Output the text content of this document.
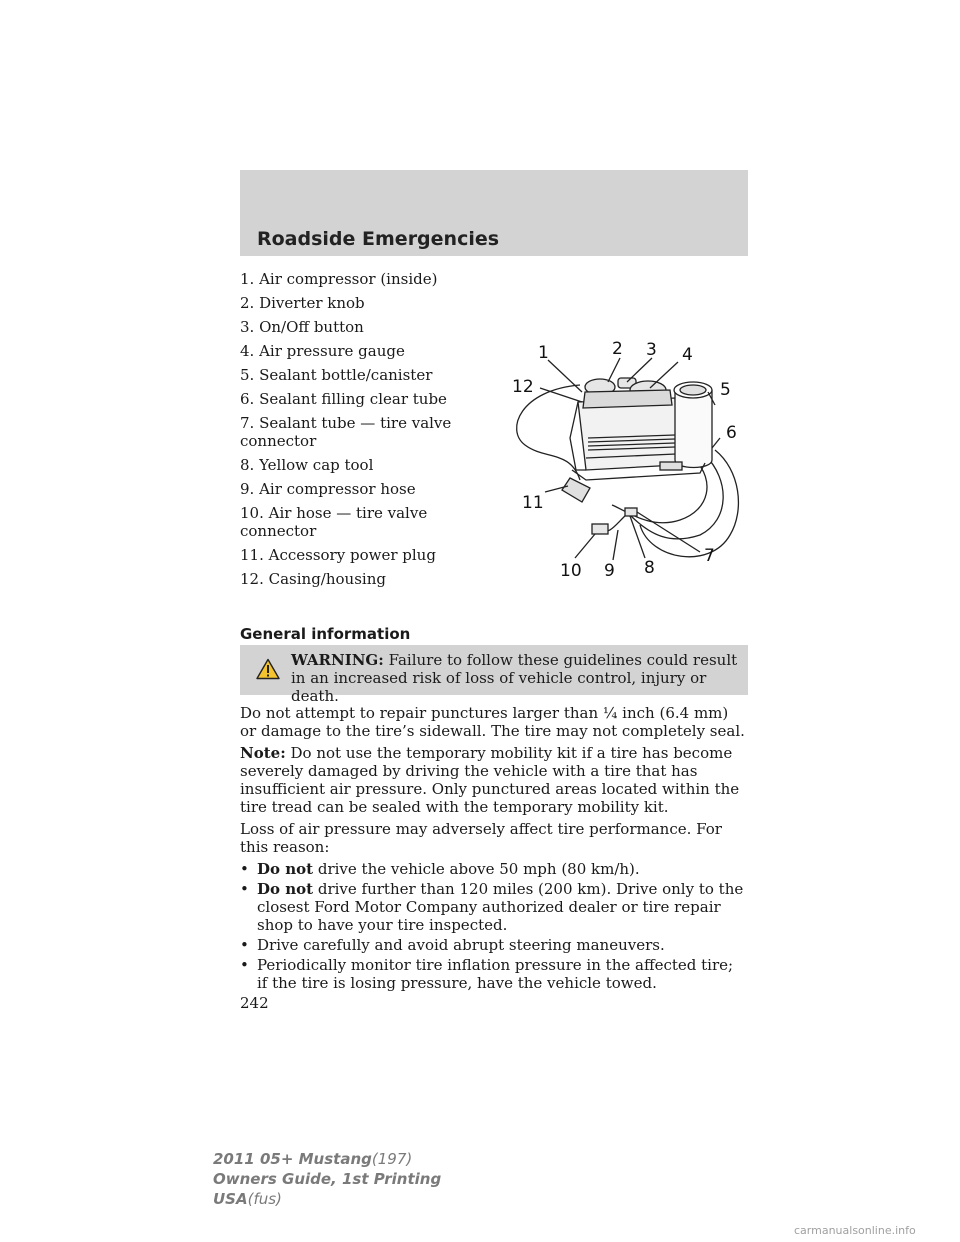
Roadside Emergencies
1. Air compressor (inside)
2. Diverter knob
3. On/Off button
4. Air pressure gauge
5. Sealant bottle/canister
6. Sealant filling clear tube
7. Sealant tube — tire valve connector
8. Yellow cap tool
9. Air compressor hose
10. Air hose — tire valve connector
11. Accessory power plug
12. Casing/housing
1	2 3 4
5
6
7
8
9
10
11
12
General information
WARNING: Failure to follow these guidelines could result in an increased risk of loss of vehicle control, injury or death.

Do not attempt to repair punctures larger than ¼ inch (6.4 mm) or damage to the tire’s sidewall. The tire may not completely seal.

Note: Do not use the temporary mobility kit if a tire has become severely damaged by driving the vehicle with a tire that has insufficient air pressure. Only punctured areas located within the tire tread can be sealed with the temporary mobility kit.

Loss of air pressure may adversely affect tire performance. For this reason:

• Do not drive the vehicle above 50 mph (80 km/h).
• Do not drive further than 120 miles (200 km). Drive only to the closest Ford Motor Company authorized dealer or tire repair shop to have your tire inspected.
• Drive carefully and avoid abrupt steering maneuvers.
• Periodically monitor tire inflation pressure in the affected tire; if the tire is losing pressure, have the vehicle towed.
242
2011 05+ Mustang(197)
Owners Guide, 1st Printing
USA(fus)
carmanualsonline.info
